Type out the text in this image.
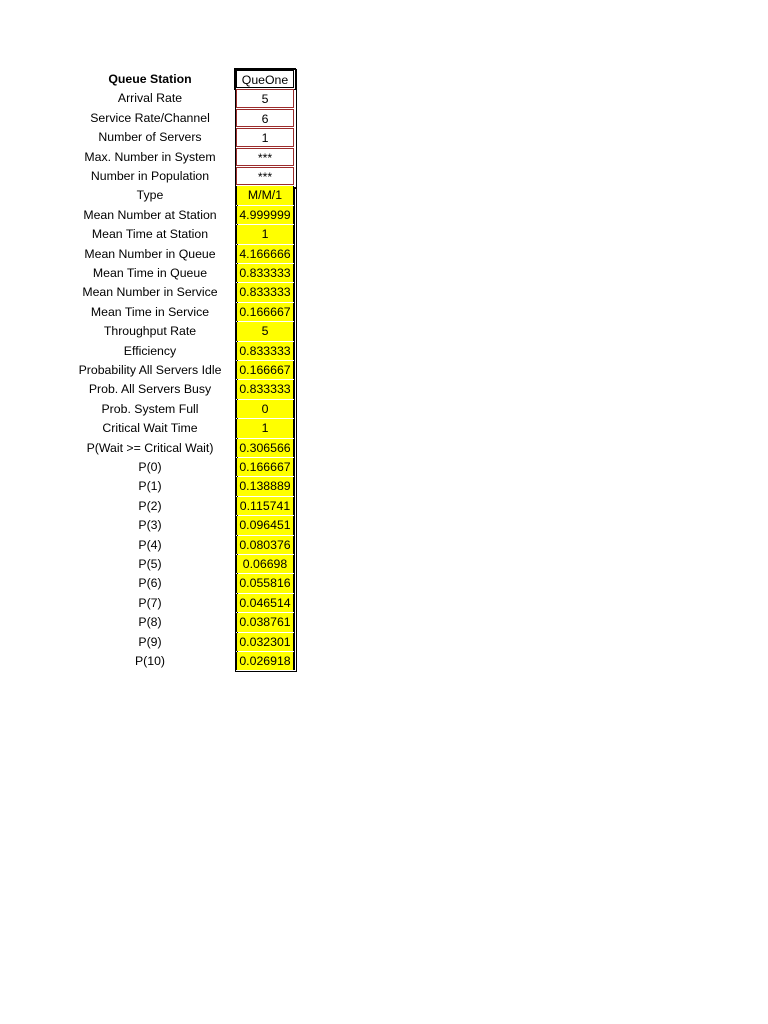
Queue Station	QueOne
Arrival Rate	5
Service Rate/Channel	6
Number of Servers	1
Max. Number in System	***
Number in Population	***
Type	M/M/1
Mean Number at Station	4.999999
Mean Time at Station	1
Mean Number in Queue	4.166666
Mean Time in Queue	0.833333
Mean Number in Service	0.833333
Mean Time in Service	0.166667
Throughput Rate	5
Efficiency	0.833333
Probability All Servers Idle	0.166667
Prob. All Servers Busy	0.833333
Prob. System Full	0
Critical Wait Time	1
P(Wait >= Critical Wait)	0.306566
P(0)	0.166667
P(1)	0.138889
P(2)	0.115741
P(3)	0.096451
P(4)	0.080376
P(5)	0.06698
P(6)	0.055816
P(7)	0.046514
P(8)	0.038761
P(9)	0.032301
P(10)	0.026918
